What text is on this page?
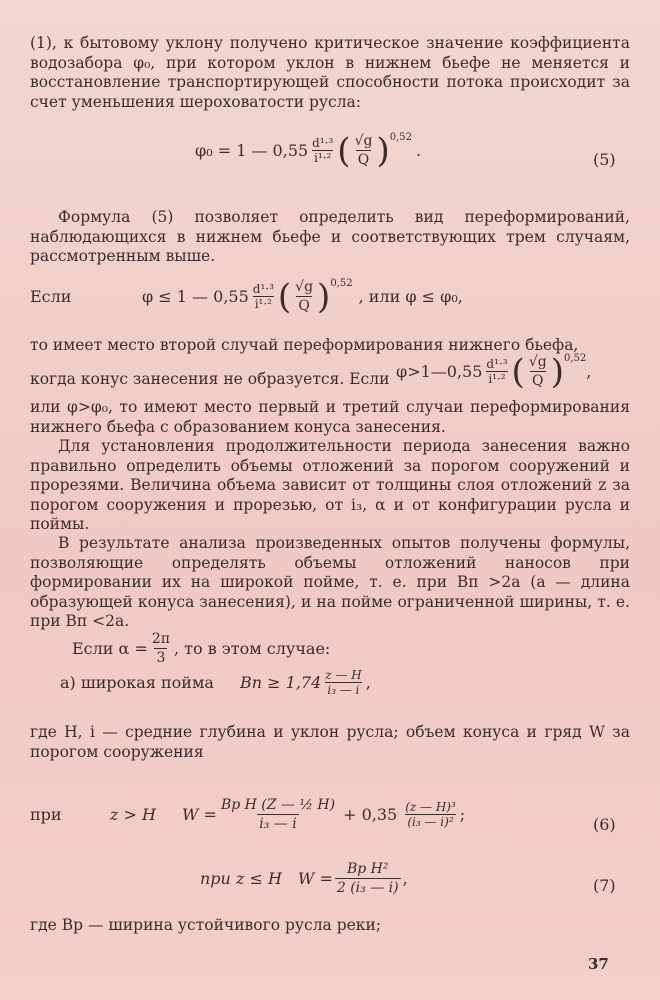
(1), к бытовому уклону получено критическое значение коэффициента водозабора φ₀, при котором уклон в нижнем бьефе не меняется и восстановление транспортирующей способности потока происходит за счет уменьшения шероховатости русла:

φ₀ = 1 — $0,55 \frac{\text{d¹·³}}{\text{i¹·²}}$ ( $\frac{√g}{Q} )^{0,52}$
.	(5)

Формула (5) позволяет определить вид переформирований, наблюдающихся в нижнем бьефе и соответствующих трем случаям, рассмотренным выше.

Если	φ ≤ 1 — $0,55 \frac{\text{d¹·³}}{\text{i¹·²}}$ ( $\frac{√g}{Q} )^{0,52}$
, или φ ≤ φ₀,
то имеет место второй случай переформирования нижнего бьефа,
когда конус занесения не образуется. Если φ>1—0,55 $\frac{\text{d¹·³}}{\text{i¹·²}}$ ( $\frac{√g}{Q} )^{0,52}$
,

или φ>φ₀, то имеют место первый и третий случаи переформирования нижнего бьефа с образованием конуса занесения.

Для установления продолжительности периода занесения важно правильно определить объемы отложений за порогом сооружений и прорезями. Величина объема зависит от толщины слоя отложений z за порогом сооружения и прорезью, от i₃, α и от конфигурации русла и поймы.

В результате анализа произведенных опытов получены формулы, позволяющие определять объемы отложений наносов при формировании их на широкой пойме, т. е. при Bп >2a (a — длина образующей конуса занесения), и на пойме ограниченной ширины, т. е. при Bп <2a.

Если $\alpha = \frac{2\pi}{3}$ , то в этом случае:
а) широкая пойма	Bп ≥ $1,74 \frac{z — H}{\text{i₃ — i}}$ ,

где H, i — средние глубина и уклон русла; объем конуса и гряд W за порогом сооружения

при	z > H	$W = \frac{\text{Bр H (Z — ½ H)}}{\text{i₃ — i}} + 0,35 \frac{\text{(z — H)³}}{\text{(i₃ — i)²}}$ ;
(6)
при z ≤ H $W = \frac{\text{Bр H²}}{\text{2 (i₃ — i)}}$ ,	(7)

где Bр — ширина устойчивого русла реки;

37
